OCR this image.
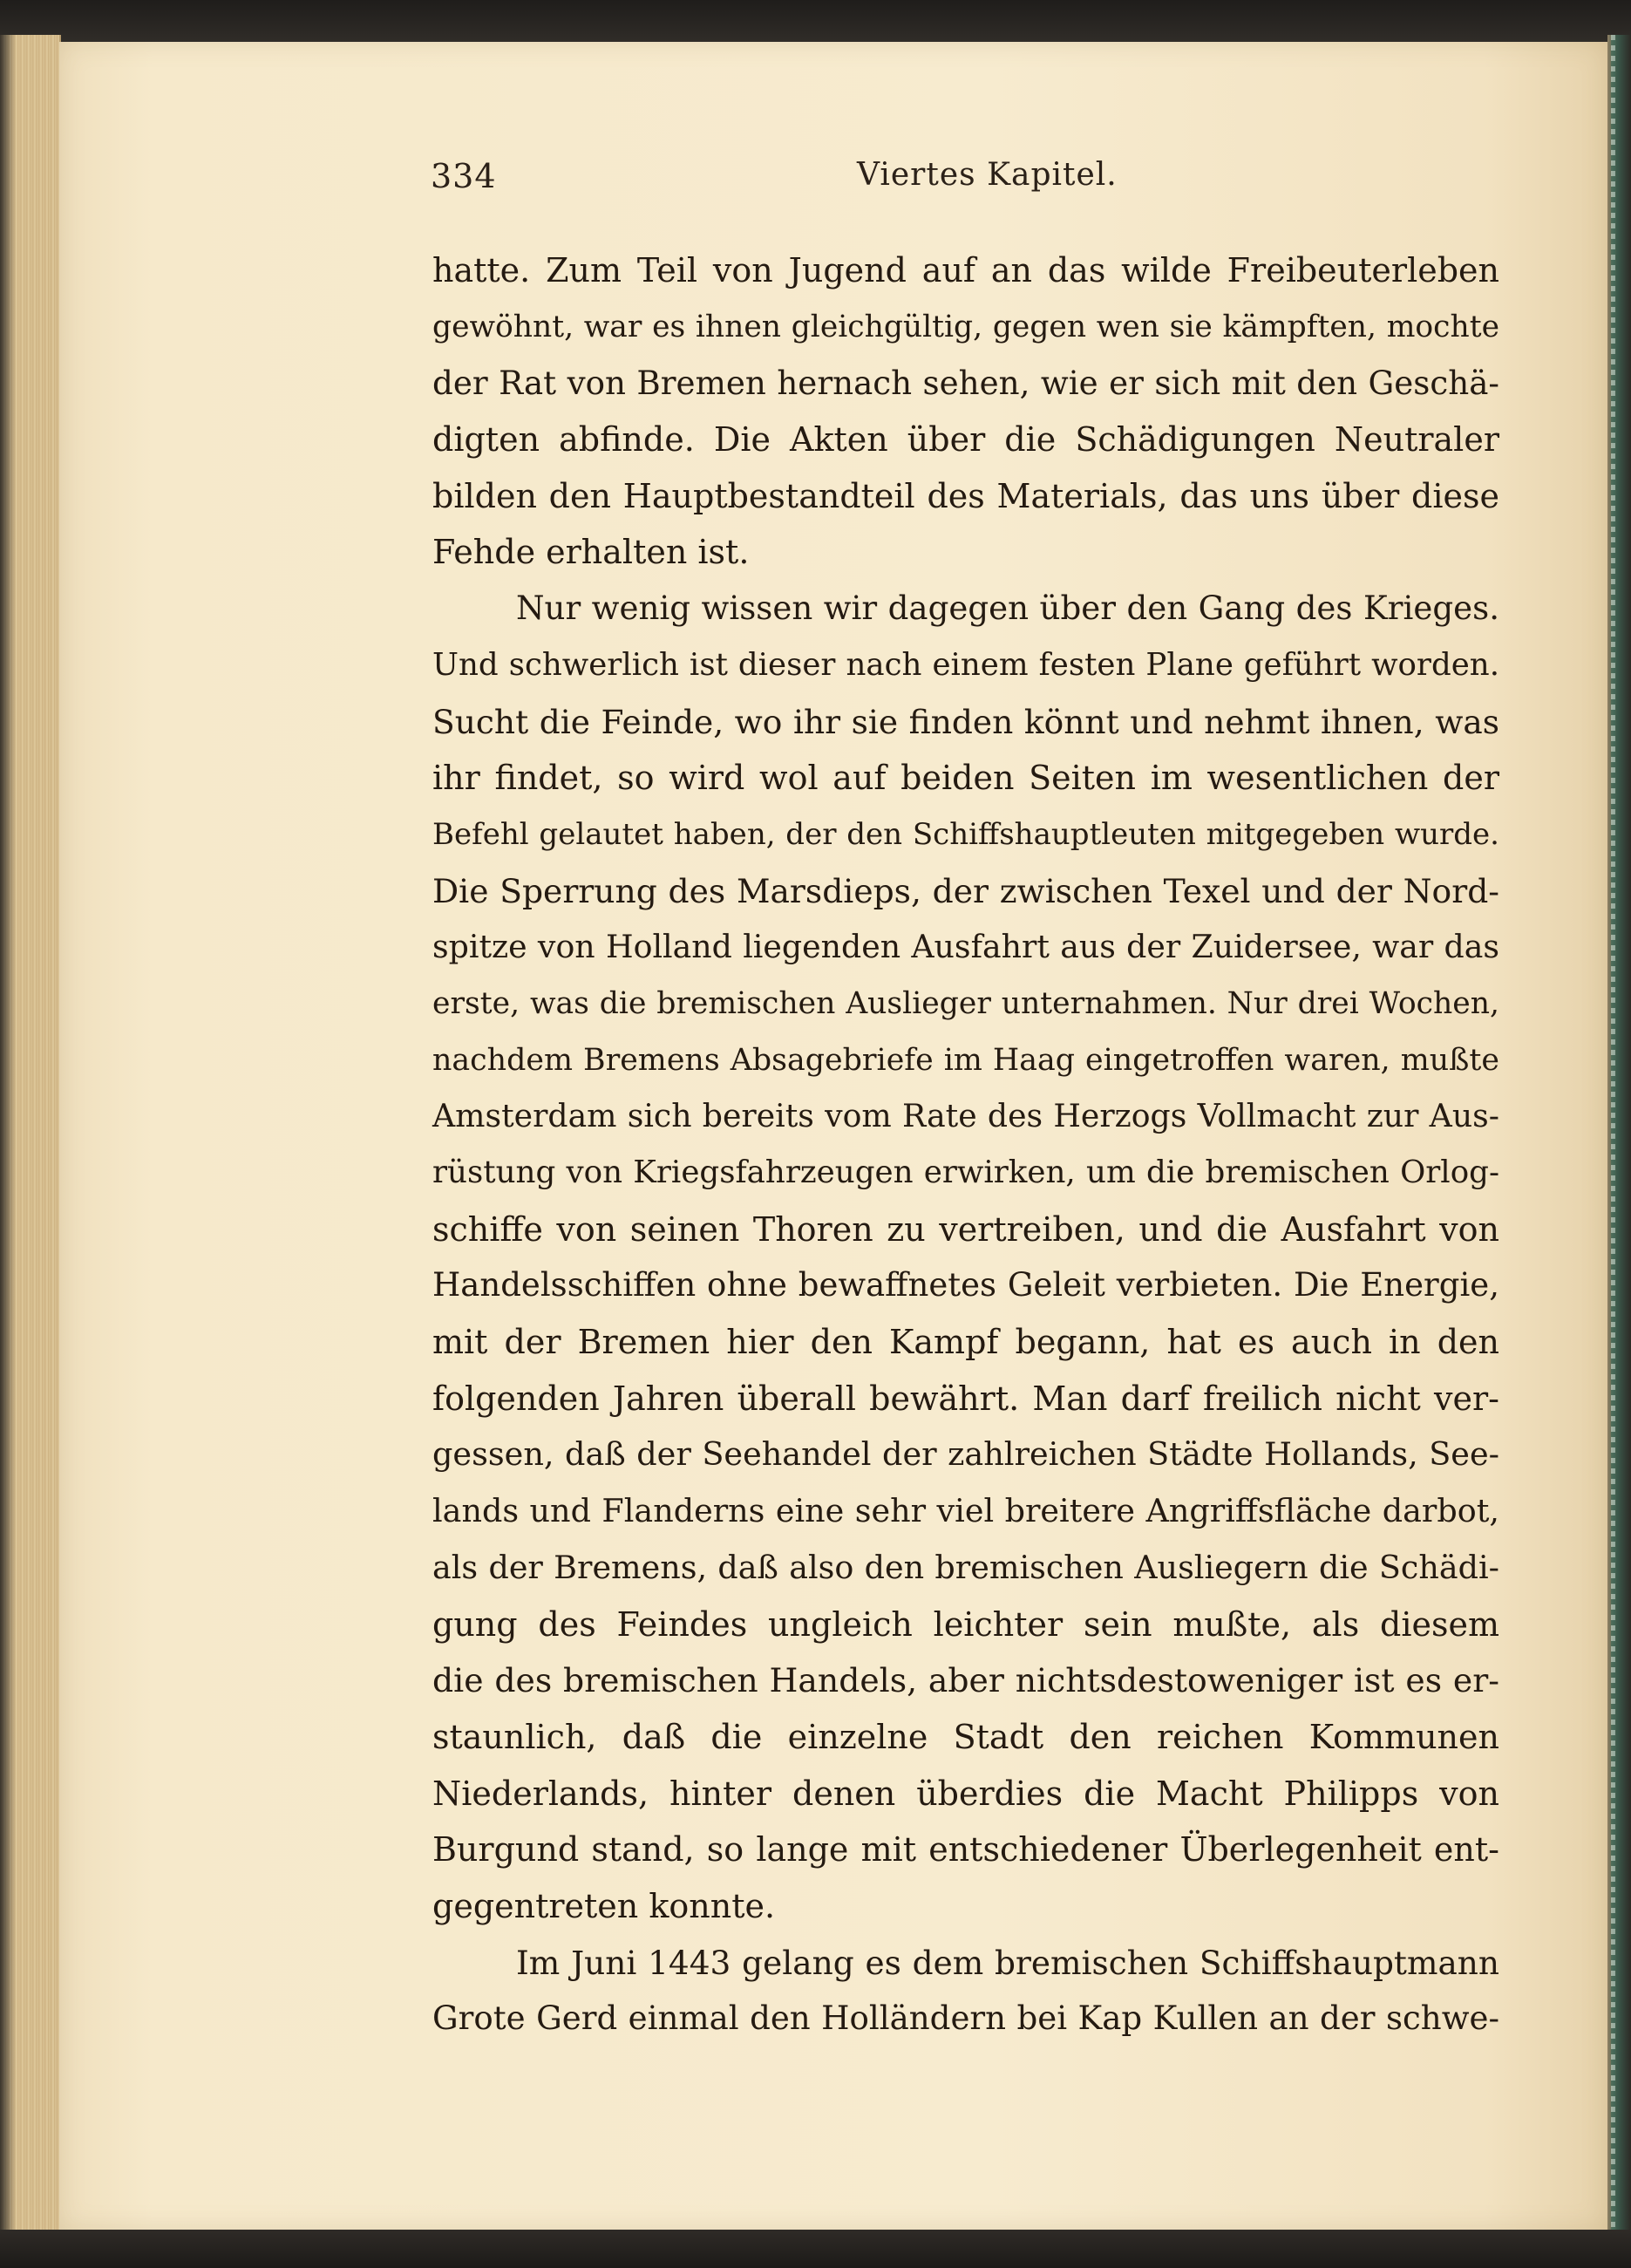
334	Viertes Kapitel.
hatte. Zum Teil von Jugend auf an das wilde Freibeuterleben
gewöhnt, war es ihnen gleichgültig, gegen wen sie kämpften, mochte
der Rat von Bremen hernach sehen, wie er sich mit den Geschä-
digten abfinde. Die Akten über die Schädigungen Neutraler
bilden den Hauptbestandteil des Materials, das uns über diese
Fehde erhalten ist.
Nur wenig wissen wir dagegen über den Gang des Krieges.
Und schwerlich ist dieser nach einem festen Plane geführt worden.
Sucht die Feinde, wo ihr sie finden könnt und nehmt ihnen, was
ihr findet, so wird wol auf beiden Seiten im wesentlichen der
Befehl gelautet haben, der den Schiffshauptleuten mitgegeben wurde.
Die Sperrung des Marsdieps, der zwischen Texel und der Nord-
spitze von Holland liegenden Ausfahrt aus der Zuidersee, war das
erste, was die bremischen Auslieger unternahmen. Nur drei Wochen,
nachdem Bremens Absagebriefe im Haag eingetroffen waren, mußte
Amsterdam sich bereits vom Rate des Herzogs Vollmacht zur Aus-
rüstung von Kriegsfahrzeugen erwirken, um die bremischen Orlog-
schiffe von seinen Thoren zu vertreiben, und die Ausfahrt von
Handelsschiffen ohne bewaffnetes Geleit verbieten. Die Energie,
mit der Bremen hier den Kampf begann, hat es auch in den
folgenden Jahren überall bewährt. Man darf freilich nicht ver-
gessen, daß der Seehandel der zahlreichen Städte Hollands, See-
lands und Flanderns eine sehr viel breitere Angriffsfläche darbot,
als der Bremens, daß also den bremischen Ausliegern die Schädi-
gung des Feindes ungleich leichter sein mußte, als diesem
die des bremischen Handels, aber nichtsdestoweniger ist es er-
staunlich, daß die einzelne Stadt den reichen Kommunen
Niederlands, hinter denen überdies die Macht Philipps von
Burgund stand, so lange mit entschiedener Überlegenheit ent-
gegentreten konnte.
Im Juni 1443 gelang es dem bremischen Schiffshauptmann
Grote Gerd einmal den Holländern bei Kap Kullen an der schwe-
